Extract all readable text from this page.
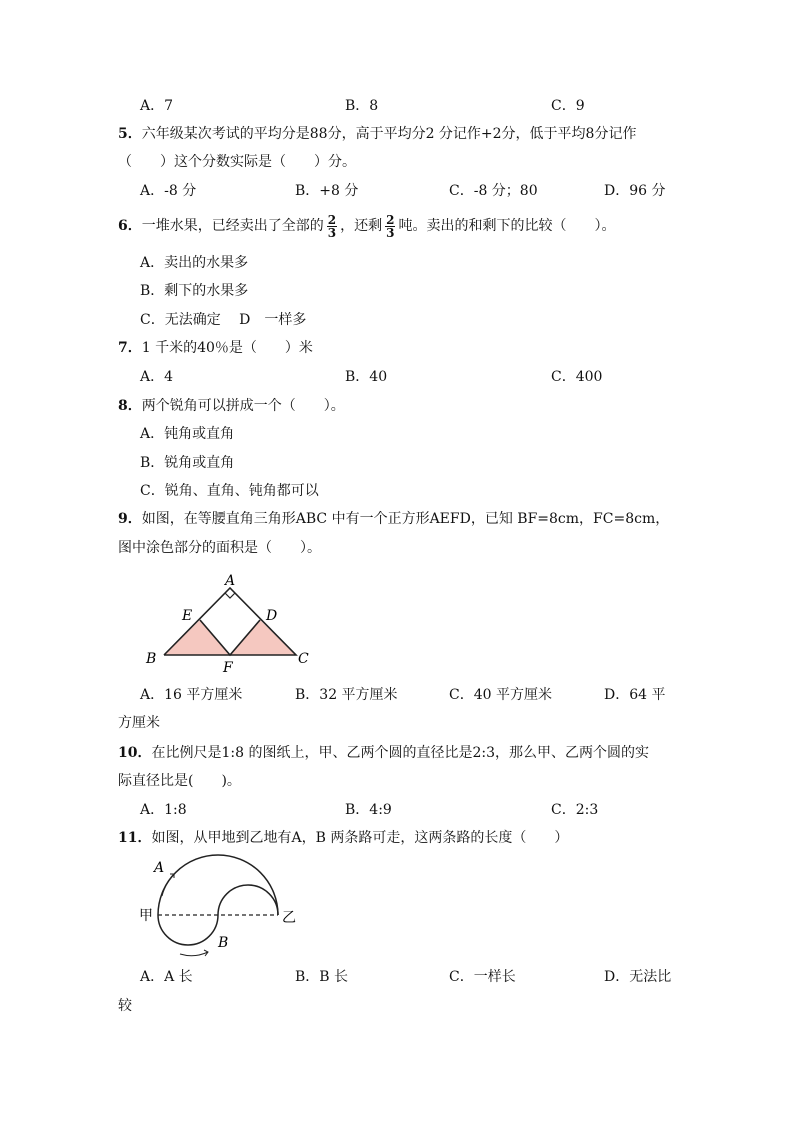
A．7	B．8	C．9
5．六年级某次考试的平均分是88分，高于平均分2 分记作+2分，低于平均8分记作
（　　）这个分数实际是（　　）分。
A．-8 分	B．+8 分	C．-8 分；80	D．96 分
6．一堆水果，已经卖出了全部的 $\frac{2}{3}$ ，还剩 $\frac{2}{3}$ 吨。卖出的和剩下的比较（　　）。
A．卖出的水果多
B．剩下的水果多
C．无法确定　 D　一样多
7．1 千米的40％是（　　）米
A．4	B．40	C．400
8．两个锐角可以拼成一个（　　）。
A．钝角或直角
B．锐角或直角
C．锐角、直角、钝角都可以
9．如图，在等腰直角三角形ABC 中有一个正方形AEFD，已知 BF=8cm，FC=8cm，
图中涂色部分的面积是（　　）。
A
E	D
B
F
C
A．16 平方厘米	B．32 平方厘米	C．40 平方厘米	D．64 平
方厘米
10．在比例尺是1:8 的图纸上，甲、乙两个圆的直径比是2:3，那么甲、乙两个圆的实
际直径比是(　　)。
A．1:8	B．4:9	C．2:3
11．如图，从甲地到乙地有A，B 两条路可走，这两条路的长度（　　）
A
B
甲	乙
A．A 长	B．B 长	C．一样长	D．无法比
较
